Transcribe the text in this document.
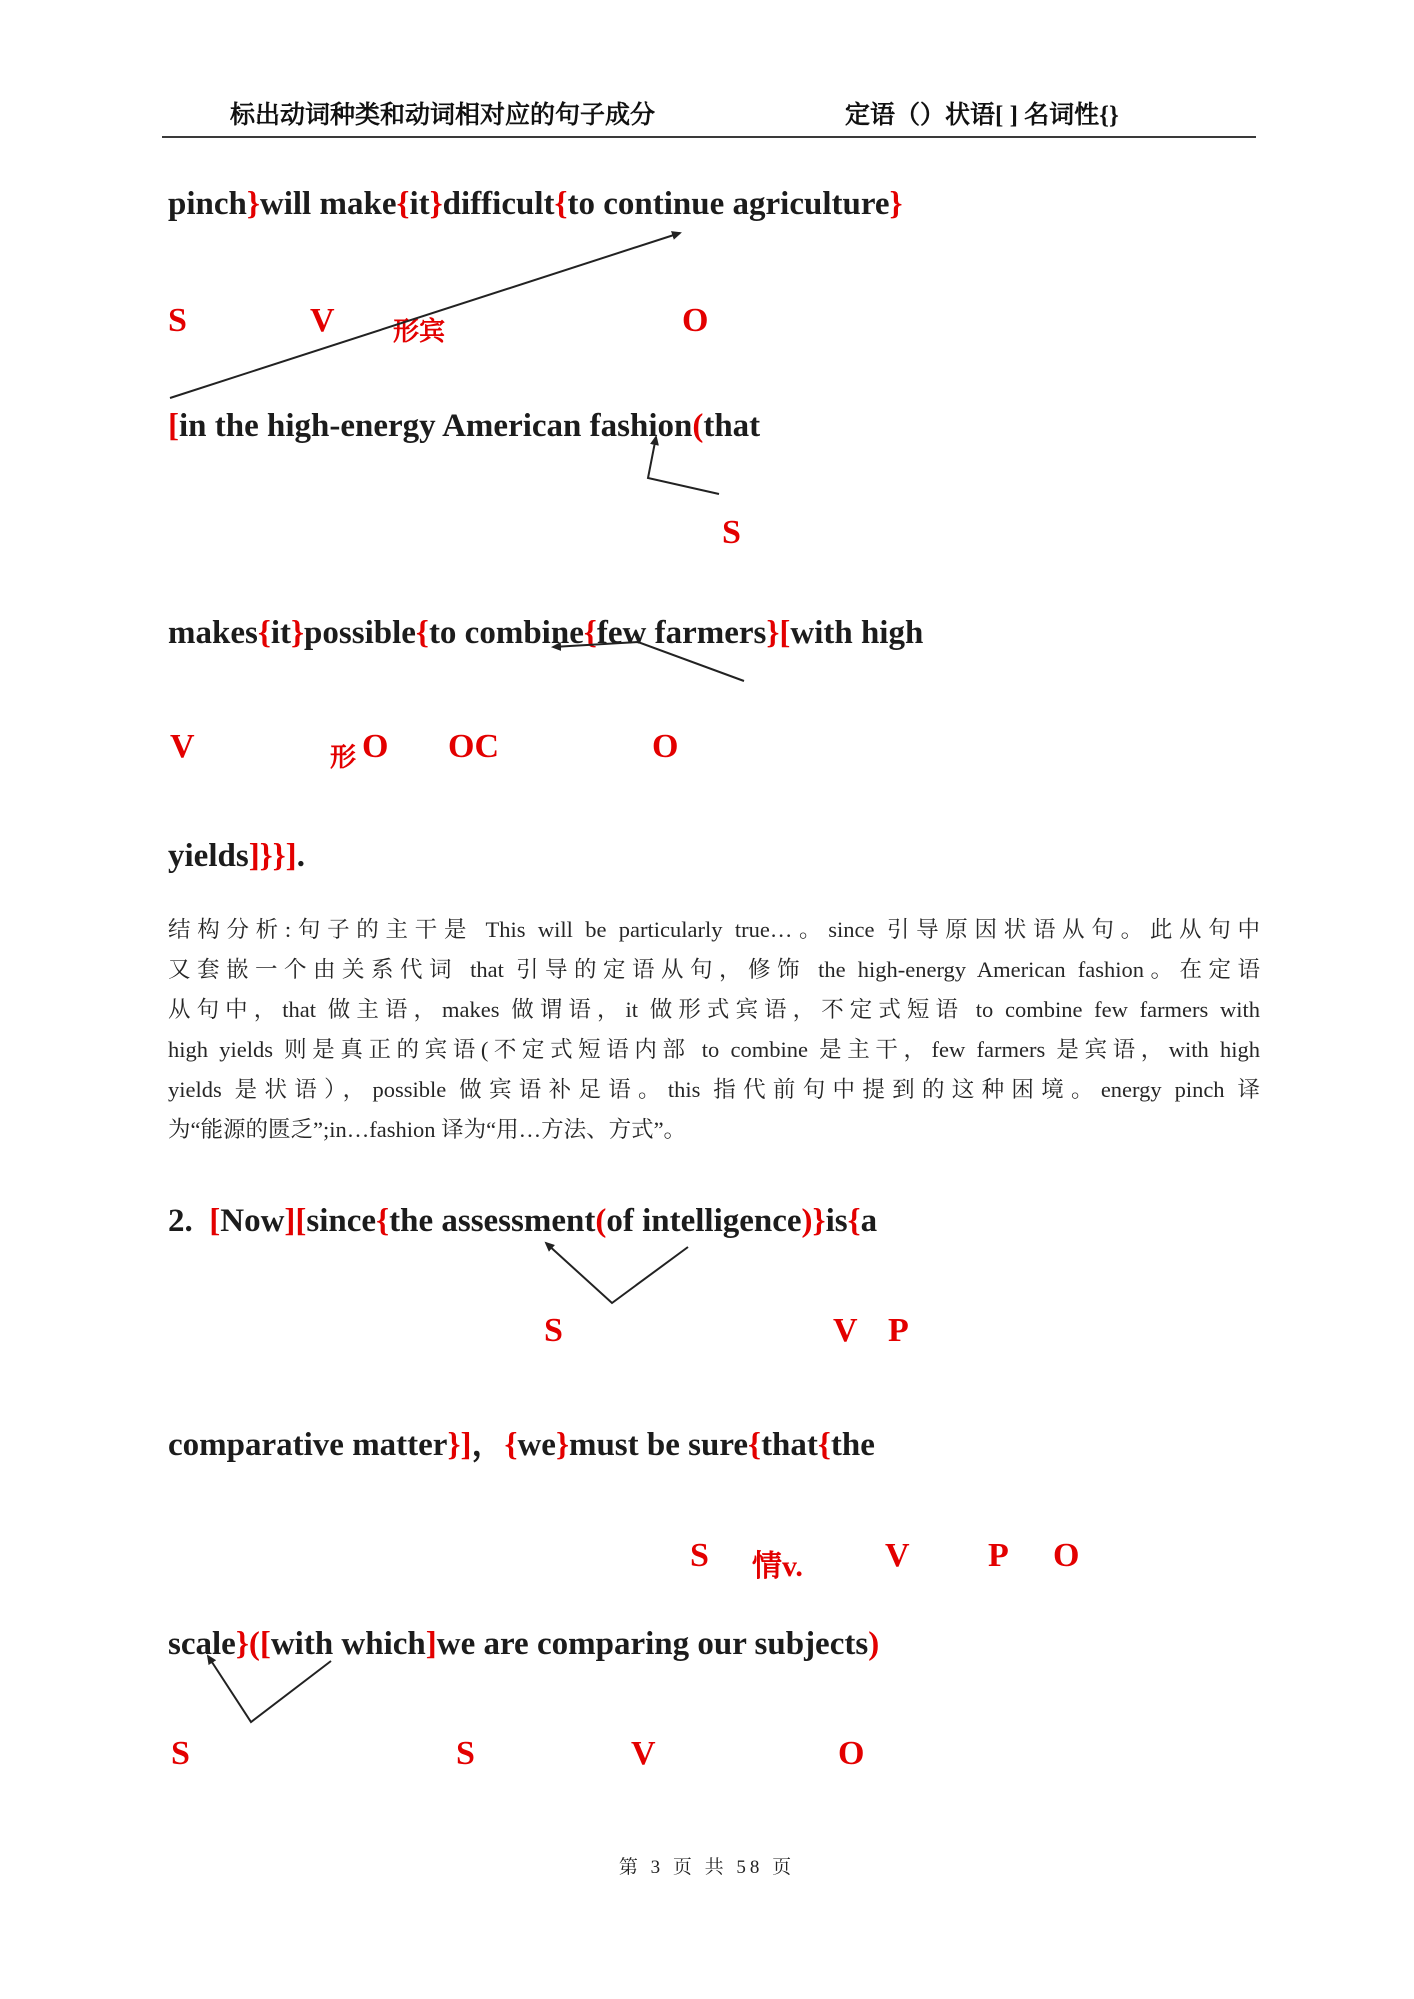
标出动词种类和动词相对应的句子成分	定语（）状语[ ] 名词性{}
pinch}will make{it}difficult{to continue agriculture}
S	V 形宾	O
[in the high-energy American fashion(that
S
makes{it}possible{to combine{few farmers}[with high
V	形 O OC	O
yields]}}].
结构分析:句子的主干是 This will be particularly true…。since 引导原因状语从句。此从句中
又套嵌一个由关系代词 that 引导的定语从句，修饰 the high-energy American fashion。在定语
从句中，that 做主语，makes 做谓语，it 做形式宾语，不定式短语 to combine few farmers with
high yields 则是真正的宾语(不定式短语内部 to combine 是主干，few farmers 是宾语，with high
yields 是状语），possible 做宾语补足语。this 指代前句中提到的这种困境。energy pinch 译
为“能源的匮乏”;in…fashion 译为“用…方法、方式”。
2.  [Now][since{the assessment(of intelligence)}is{a
S	V P
comparative matter}]，{we}must be sure{that{the
S 情v. V P O
scale}([with which]we are comparing our subjects)
S	S	V	O
第 3 页 共 58 页
